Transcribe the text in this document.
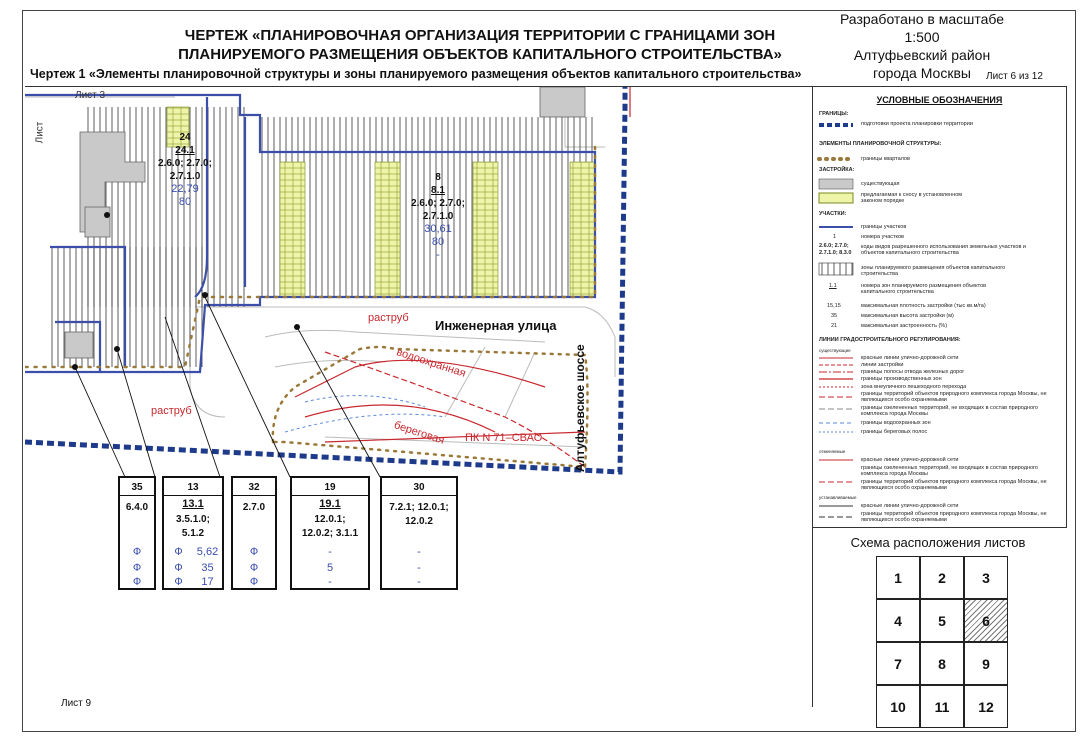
ЧЕРТЕЖ «ПЛАНИРОВОЧНАЯ ОРГАНИЗАЦИЯ ТЕРРИТОРИИ С ГРАНИЦАМИ ЗОН
ПЛАНИРУЕМОГО РАЗМЕЩЕНИЯ ОБЪЕКТОВ КАПИТАЛЬНОГО СТРОИТЕЛЬСТВА»
Разработано в масштабе 1:500
Алтуфьевский район
города Москвы
Чертеж 1 «Элементы планировочной структуры и зоны планируемого размещения объектов капитального строительства»	Лист 6 из 12
Лист 3
Лист	24
24.1
2.6.0; 2.7.0;
2.7.1.0
22,79
80
8
8.1
2.6.0; 2.7.0;
2.7.1.0
30,61
80
-
Инженерная улица
Алтуфьевское шоссе
раструб
раструб
водоохранная
береговая ПК N 71–СВАО
Лист 9
35
6.4.0
Ф
Ф
Ф
13
13.1
3.5.1.0;
5.1.2
Ф	5,62
Ф	35
Ф	17
32
2.7.0
Ф
Ф
Ф
19
19.1
12.0.1;
12.0.2; 3.1.1
-
5
-
30
7.2.1; 12.0.1;
12.0.2
-
-
-
УСЛОВНЫЕ ОБОЗНАЧЕНИЯ
ГРАНИЦЫ:
подготовки проекта планировки территории
ЭЛЕМЕНТЫ ПЛАНИРОВОЧНОЙ СТРУКТУРЫ:
границы кварталов
ЗАСТРОЙКА:
существующая
предлагаемая к сносу в установленном законом порядке
УЧАСТКИ:
границы участков
1	номера участков
2.6.0; 2.7.0;
2.7.1.0; 8.3.0
коды видов разрешенного использования земельных участков и объектов капитального строительства
зоны планируемого размещения объектов капитального строительства
1.1	номера зон планируемого размещения объектов капитального строительства
15,15	максимальная плотность застройки (тыс кв.м/га)
35	максимальная высота застройки (м)
21	максимальная застроенность (%)
ЛИНИИ ГРАДОСТРОИТЕЛЬНОГО РЕГУЛИРОВАНИЯ:
существующие
красные линии улично-дорожной сети
линии застройки
границы полосы отвода железных дорог
границы производственных зон
зона внеуличного пешеходного перехода
границы территорий объектов природного комплекса города Москвы, не являющихся особо охраняемыми
границы озелененных территорий, не входящих в состав природного комплекса города Москвы
границы водоохранных зон
границы береговых полос
отменяемые
красные линии улично-дорожной сети
границы озелененных территорий, не входящих в состав природного комплекса города Москвы
границы территорий объектов природного комплекса города Москвы, не являющихся особо охраняемыми
устанавливаемые
красные линии улично-дорожной сети
границы территорий объектов природного комплекса города Москвы, не являющихся особо охраняемыми
Схема расположения листов
1	2	3
4	5	6
7	8	9
10	11	12
